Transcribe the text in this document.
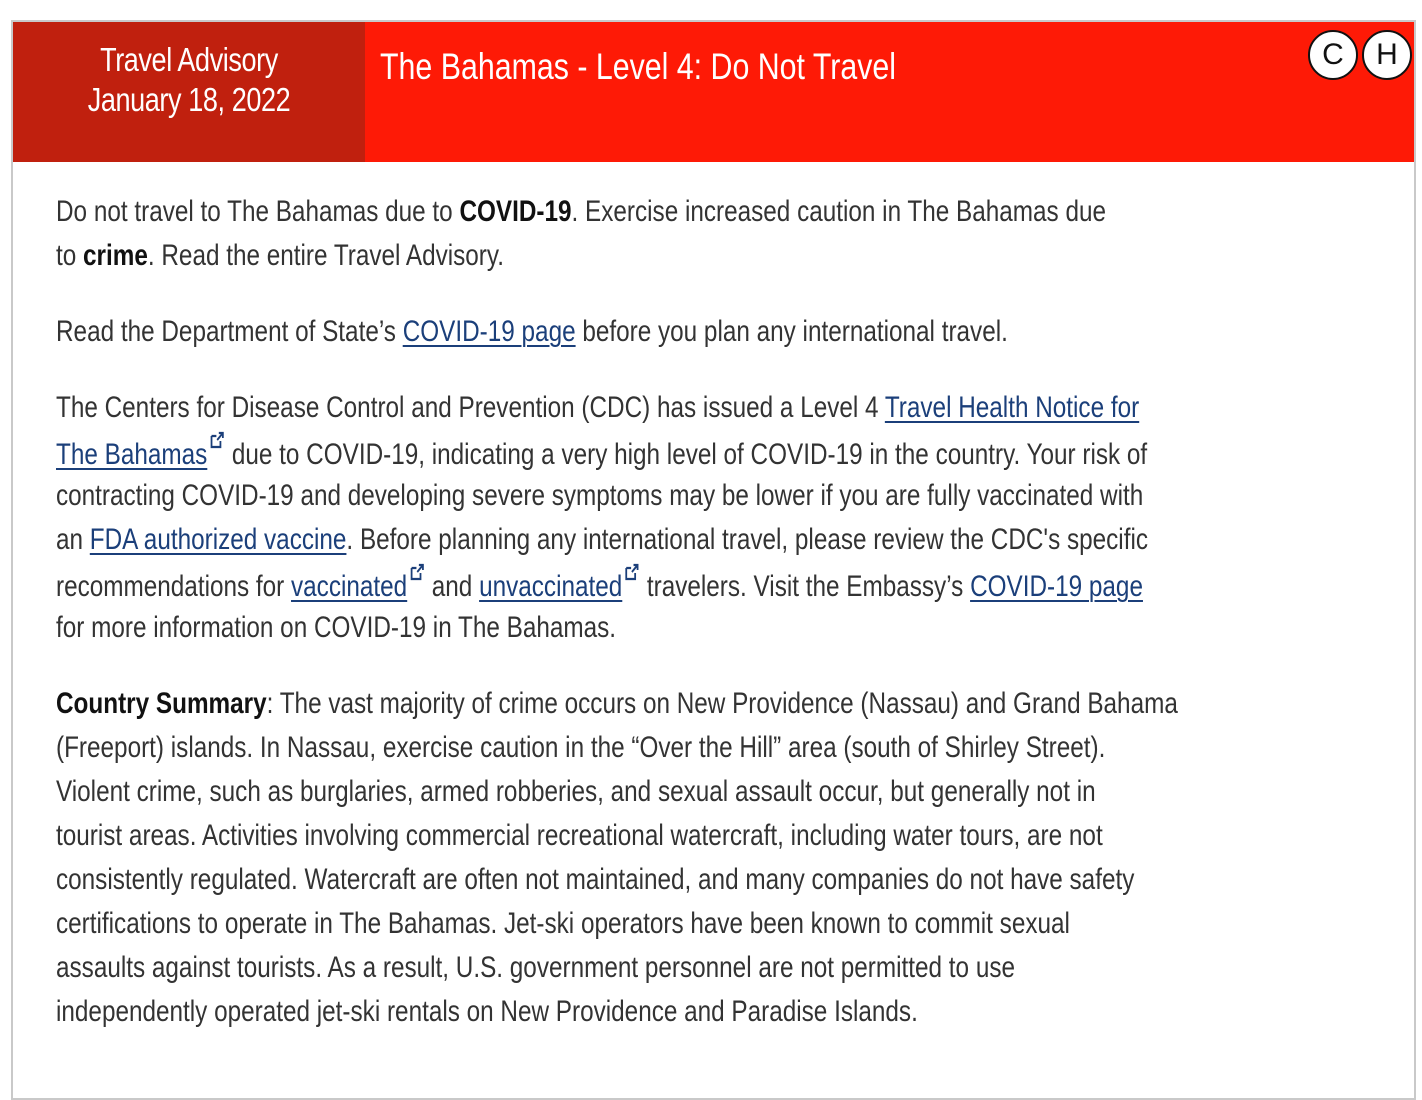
Travel Advisory
January 18, 2022
The Bahamas - Level 4: Do Not Travel	C	H
Do not travel to The Bahamas due to COVID-19. Exercise increased caution in The Bahamas due
to crime. Read the entire Travel Advisory.
Read the Department of State’s COVID-19 page before you plan any international travel.
The Centers for Disease Control and Prevention (CDC) has issued a Level 4 Travel Health Notice for
The Bahamas due to COVID-19, indicating a very high level of COVID-19 in the country. Your risk of
contracting COVID-19 and developing severe symptoms may be lower if you are fully vaccinated with
an FDA authorized vaccine. Before planning any international travel, please review the CDC's specific
recommendations for vaccinated and unvaccinated travelers. Visit the Embassy’s COVID-19 page
for more information on COVID-19 in The Bahamas.
Country Summary: The vast majority of crime occurs on New Providence (Nassau) and Grand Bahama
(Freeport) islands. In Nassau, exercise caution in the “Over the Hill” area (south of Shirley Street).
Violent crime, such as burglaries, armed robberies, and sexual assault occur, but generally not in
tourist areas. Activities involving commercial recreational watercraft, including water tours, are not
consistently regulated. Watercraft are often not maintained, and many companies do not have safety
certifications to operate in The Bahamas. Jet-ski operators have been known to commit sexual
assaults against tourists. As a result, U.S. government personnel are not permitted to use
independently operated jet-ski rentals on New Providence and Paradise Islands.
